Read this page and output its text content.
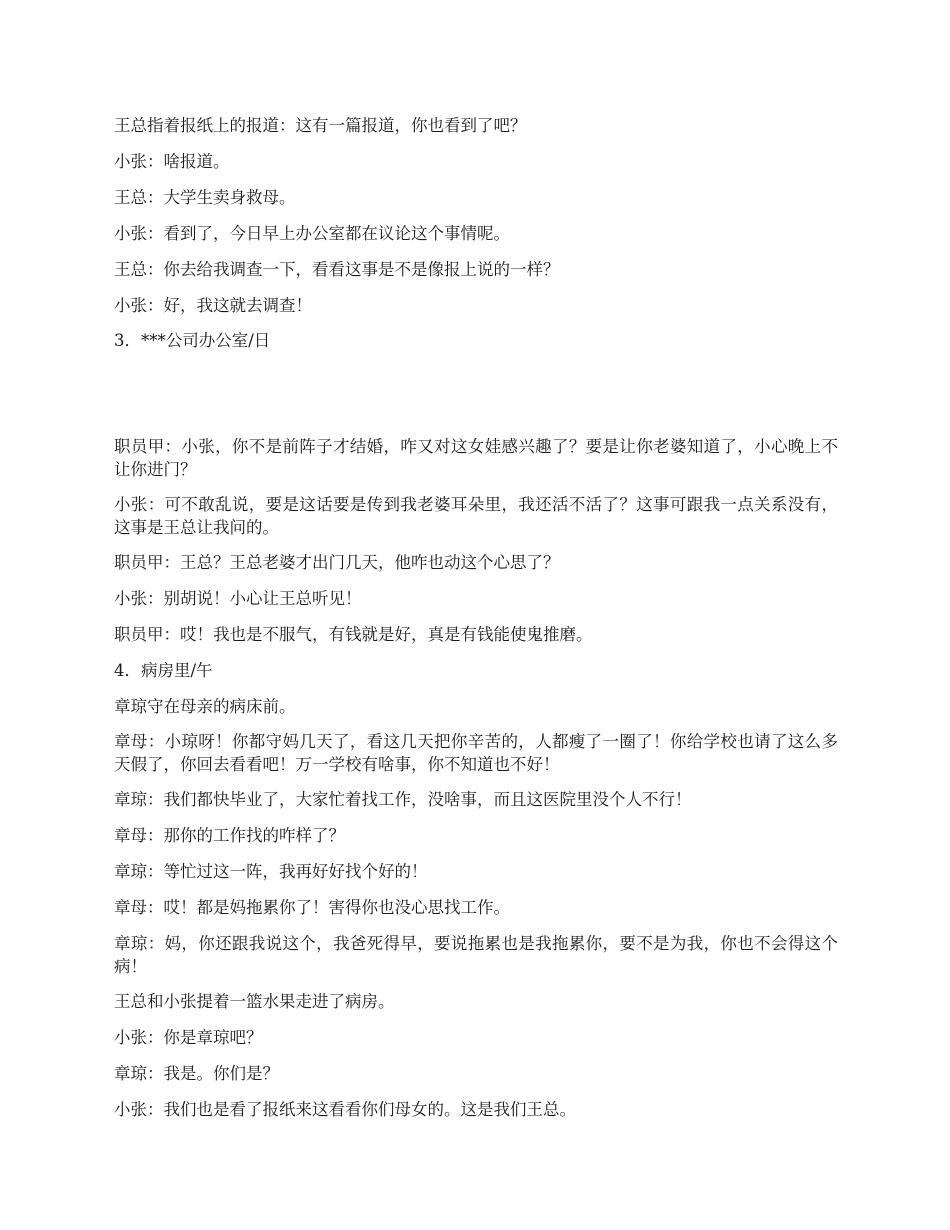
王总指着报纸上的报道：这有一篇报道，你也看到了吧？

小张：啥报道。

王总：大学生卖身救母。

小张：看到了，今日早上办公室都在议论这个事情呢。

王总：你去给我调查一下，看看这事是不是像报上说的一样？

小张：好，我这就去调查！

3．***公司办公室/日

职员甲：小张，你不是前阵子才结婚，咋又对这女娃感兴趣了？要是让你老婆知道了，小心晚上不让你进门？

小张：可不敢乱说，要是这话要是传到我老婆耳朵里，我还活不活了？这事可跟我一点关系没有，这事是王总让我问的。

职员甲：王总？王总老婆才出门几天，他咋也动这个心思了？

小张：别胡说！小心让王总听见！

职员甲：哎！我也是不服气，有钱就是好，真是有钱能使鬼推磨。

4．病房里/午

章琼守在母亲的病床前。

章母：小琼呀！你都守妈几天了，看这几天把你辛苦的，人都瘦了一圈了！你给学校也请了这么多天假了，你回去看看吧！万一学校有啥事，你不知道也不好！

章琼：我们都快毕业了，大家忙着找工作，没啥事，而且这医院里没个人不行！

章母：那你的工作找的咋样了？

章琼：等忙过这一阵，我再好好找个好的！

章母：哎！都是妈拖累你了！害得你也没心思找工作。

章琼：妈，你还跟我说这个，我爸死得早，要说拖累也是我拖累你，要不是为我，你也不会得这个病！

王总和小张提着一篮水果走进了病房。

小张：你是章琼吧？

章琼：我是。你们是？

小张：我们也是看了报纸来这看看你们母女的。这是我们王总。
